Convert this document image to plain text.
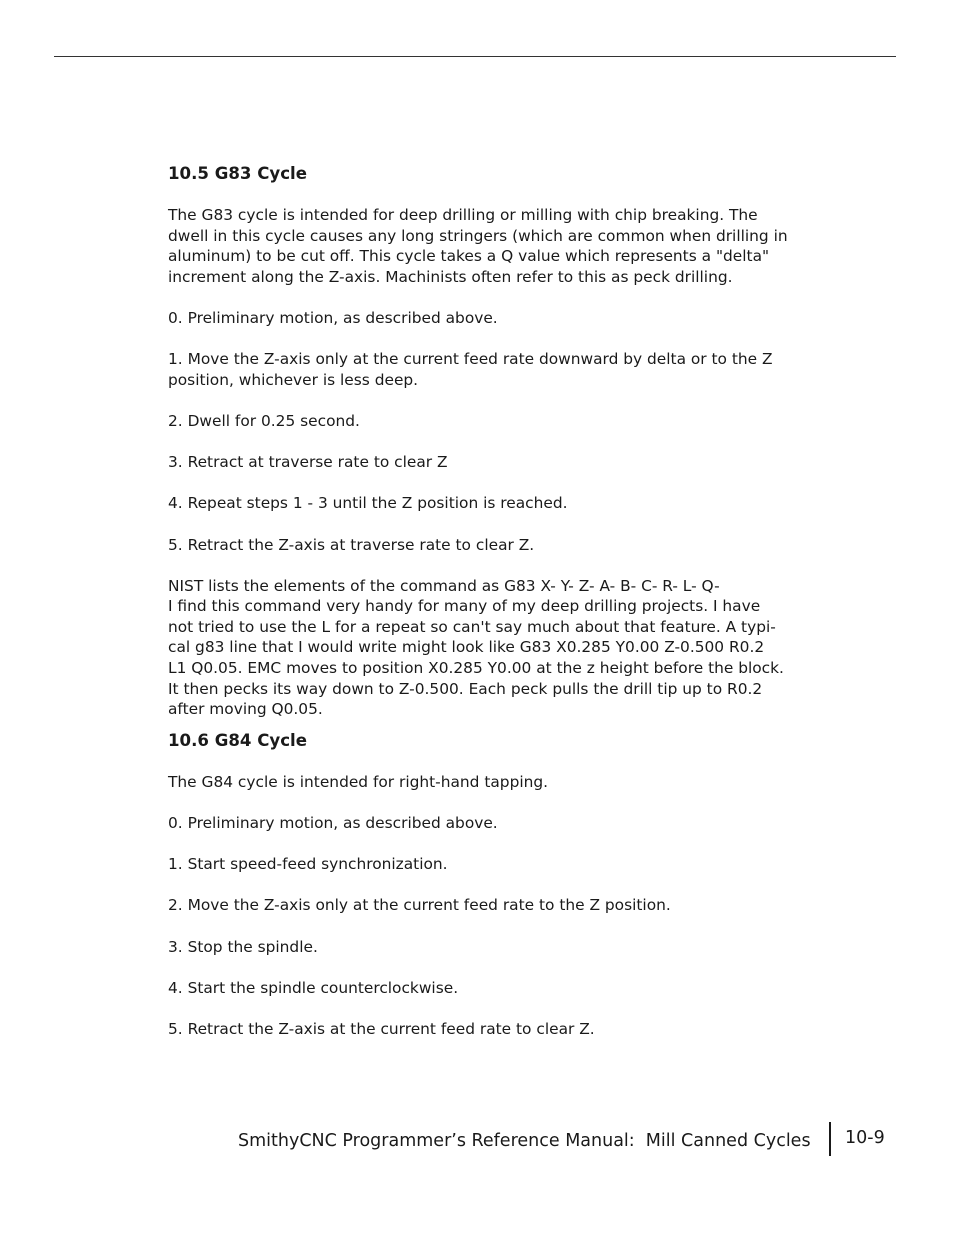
10.5 G83 Cycle

The G83 cycle is intended for deep drilling or milling with chip breaking. The
dwell in this cycle causes any long stringers (which are common when drilling in
aluminum) to be cut off. This cycle takes a Q value which represents a "delta"
increment along the Z-axis. Machinists often refer to this as peck drilling.

0. Preliminary motion, as described above.

1. Move the Z-axis only at the current feed rate downward by delta or to the Z
position, whichever is less deep.

2. Dwell for 0.25 second.

3. Retract at traverse rate to clear Z

4. Repeat steps 1 - 3 until the Z position is reached.

5. Retract the Z-axis at traverse rate to clear Z.

NIST lists the elements of the command as G83 X- Y- Z- A- B- C- R- L- Q-
I find this command very handy for many of my deep drilling projects. I have
not tried to use the L for a repeat so can't say much about that feature. A typi-
cal g83 line that I would write might look like G83 X0.285 Y0.00 Z-0.500 R0.2
L1 Q0.05. EMC moves to position X0.285 Y0.00 at the z height before the block.
It then pecks its way down to Z-0.500. Each peck pulls the drill tip up to R0.2
after moving Q0.05.

10.6 G84 Cycle

The G84 cycle is intended for right-hand tapping.

0. Preliminary motion, as described above.

1. Start speed-feed synchronization.

2. Move the Z-axis only at the current feed rate to the Z position.

3. Stop the spindle.

4. Start the spindle counterclockwise.

5. Retract the Z-axis at the current feed rate to clear Z.

SmithyCNC Programmer’s Reference Manual:  Mill Canned Cycles 10-9
